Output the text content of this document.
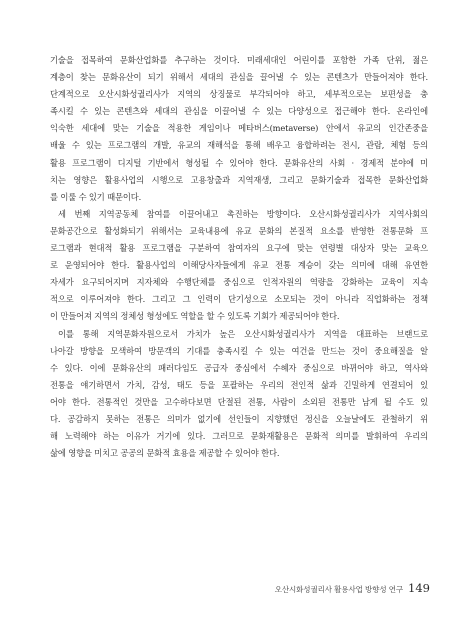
기술을 접목하여 문화산업화를 추구하는 것이다. 미래세대인 어린이를 포함한 가족 단위, 젊은
계층이 찾는 문화유산이 되기 위해서 세대의 관심을 끌어낼 수 있는 콘텐츠가 만들어져야 한다.
단계적으로 오산시화성궐리사가 지역의 상징물로 부각되어야 하고, 세부적으로는 보편성을 충
족시킬 수 있는 콘텐츠와 세대의 관심을 이끌어낼 수 있는 다양성으로 접근해야 한다. 온라인에
익숙한 세대에 맞는 기술을 적용한 게임이나 메타버스(metaverse) 안에서 유교의 인간존중을
배울 수 있는 프로그램의 개발, 유교의 재해석을 통해 배우고 융합하려는 전시, 관람, 체험 등의
활용 프로그램이 디지털 기반에서 형성될 수 있어야 한다. 문화유산의 사회 · 경제적 분야에 미
치는 영향은 활용사업의 시행으로 고용창출과 지역재생, 그리고 문화기술과 접목한 문화산업화
를 이룰 수 있기 때문이다.
세 번째 지역공동체 참여를 이끌어내고 촉진하는 방향이다. 오산시화성궐리사가 지역사회의
문화공간으로 활성화되기 위해서는 교육내용에 유교 문화의 본질적 요소를 반영한 전통문화 프
로그램과 현대적 활용 프로그램을 구분하여 참여자의 요구에 맞는 연령별 대상자 맞는 교육으
로 운영되어야 한다. 활용사업의 이해당사자들에게 유교 전통 계승이 갖는 의미에 대해 유연한
자세가 요구되어지며 지자체와 수행단체를 중심으로 인적자원의 역량을 강화하는 교육이 지속
적으로 이루어져야 한다. 그리고 그 인력이 단기성으로 소모되는 것이 아니라 직업화하는 정책
이 만들어져 지역의 정체성 형성에도 역할을 할 수 있도록 기회가 제공되어야 한다.
이를 통해 지역문화자원으로서 가치가 높은 오산시화성궐리사가 지역을 대표하는 브랜드로
나아갈 방향을 모색하여 방문객의 기대를 충족시킬 수 있는 여건을 만드는 것이 중요해질을 알
수 있다. 이에 문화유산의 패러다임도 공급자 중심에서 수혜자 중심으로 바뀌어야 하고, 역사와
전통을 얘기하면서 가치, 감성, 태도 등을 포괄하는 우리의 전인적 삶과 긴밀하게 연결되어 있
어야 한다. 전통적인 것만을 고수하다보면 단절된 전통, 사람이 소외된 전통만 남게 될 수도 있
다. 공감하지 못하는 전통은 의미가 없기에 선인들이 지향했던 정신을 오늘날에도 관철하기 위
해 노력해야 하는 이유가 거기에 있다. 그러므로 문화재활용은 문화적 의미를 발휘하여 우리의
삶에 영향을 미치고 공공의 문화적 효용을 제공할 수 있어야 한다.
오산시화성궐리사 활용사업 방향성 연구 149
